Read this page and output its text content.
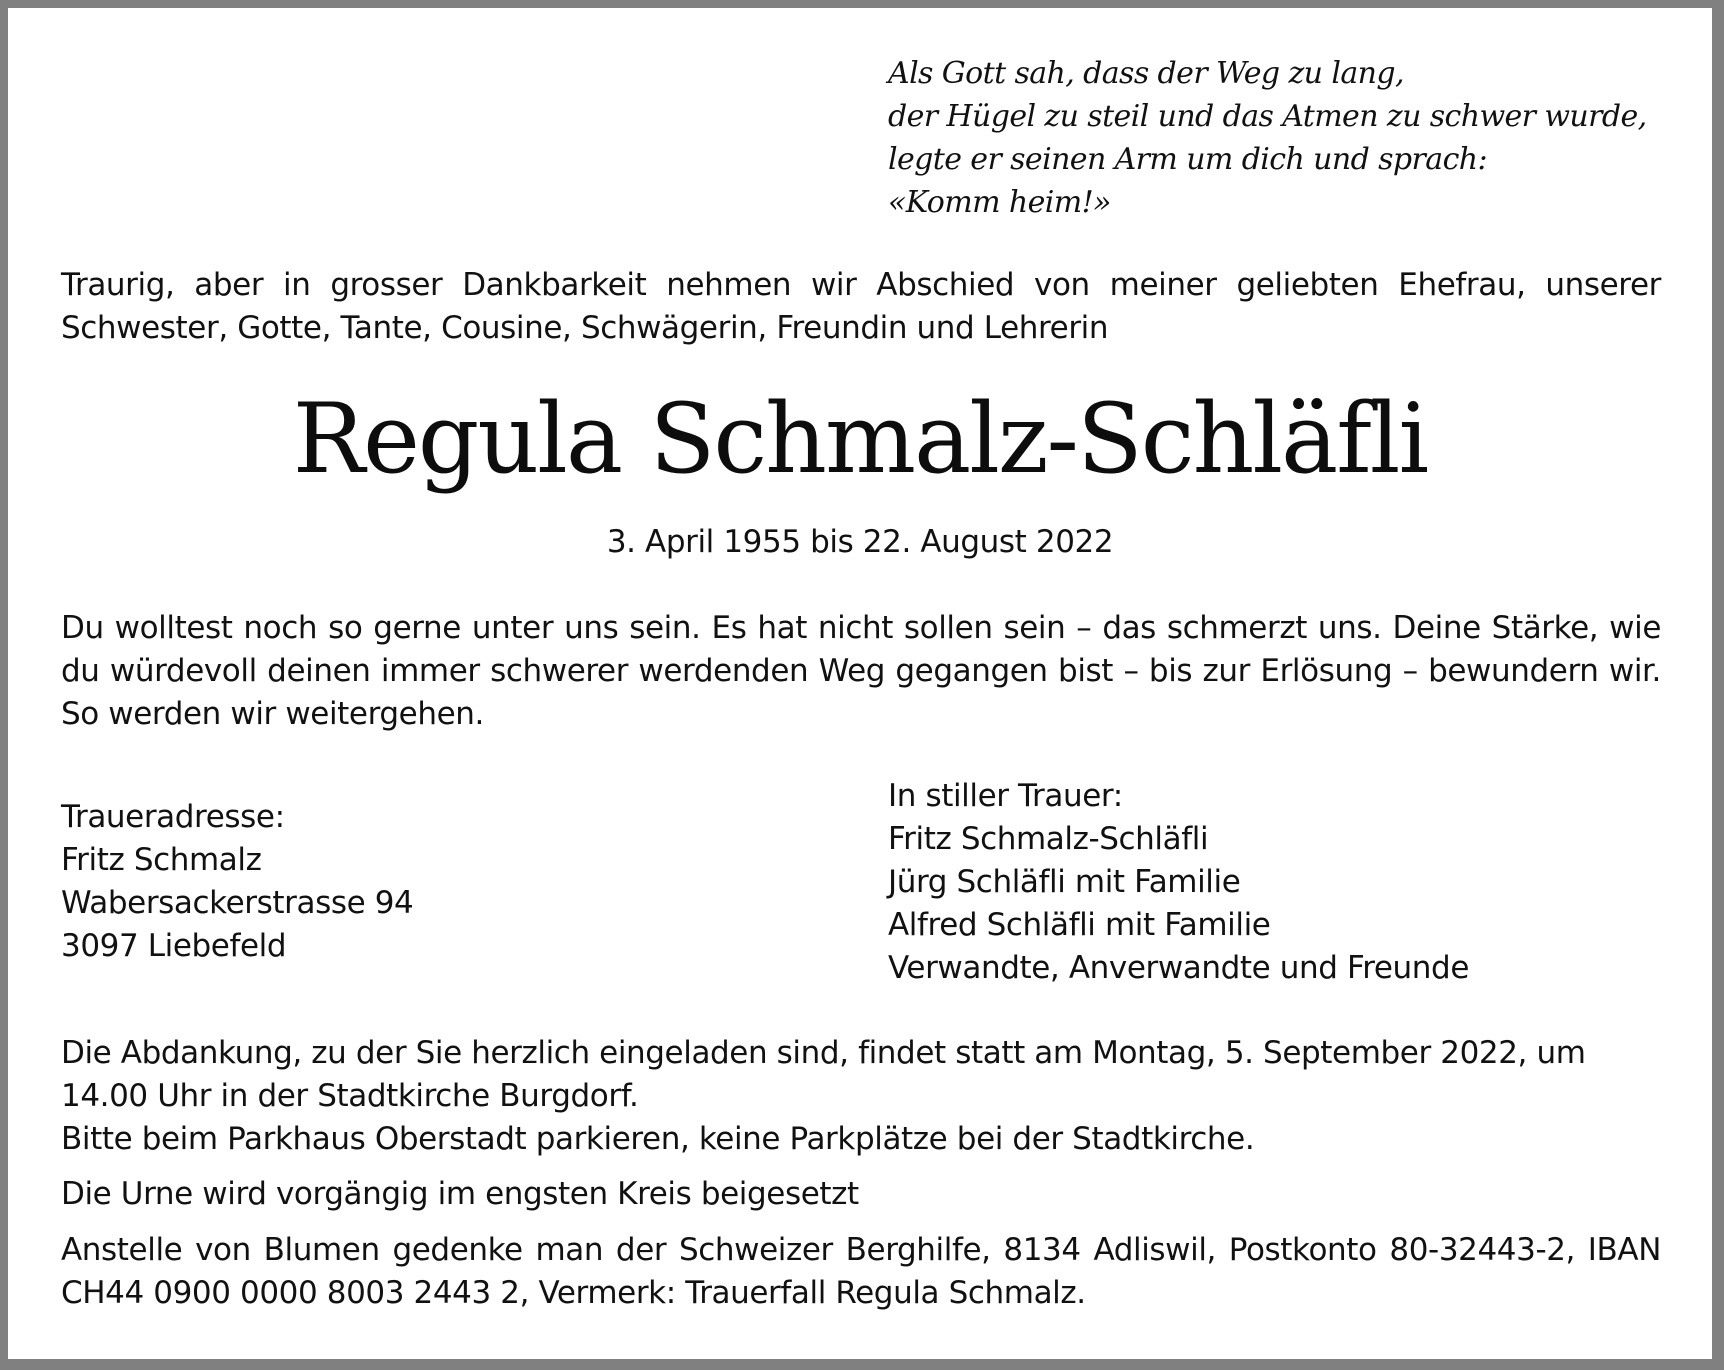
Als Gott sah, dass der Weg zu lang,
der Hügel zu steil und das Atmen zu schwer wurde,
legte er seinen Arm um dich und sprach:
«Komm heim!»
Traurig, aber in grosser Dankbarkeit nehmen wir Abschied von meiner geliebten Ehefrau, unserer Schwester, Gotte, Tante, Cousine, Schwägerin, Freundin und Lehrerin
Regula Schmalz-Schläfli
3. April 1955 bis 22. August 2022
Du wolltest noch so gerne unter uns sein. Es hat nicht sollen sein – das schmerzt uns. Deine Stärke, wie du würdevoll deinen immer schwerer werdenden Weg gegangen bist – bis zur Erlösung – bewundern wir. So werden wir weitergehen.
In stiller Trauer:
Fritz Schmalz-Schläfli
Jürg Schläfli mit Familie
Alfred Schläfli mit Familie
Verwandte, Anverwandte und Freunde
Traueradresse:
Fritz Schmalz
Wabersackerstrasse 94
3097 Liebefeld
Die Abdankung, zu der Sie herzlich eingeladen sind, findet statt am Montag, 5. September 2022, um 14.00 Uhr in der Stadtkirche Burgdorf.
Bitte beim Parkhaus Oberstadt parkieren, keine Parkplätze bei der Stadtkirche.
Die Urne wird vorgängig im engsten Kreis beigesetzt
Anstelle von Blumen gedenke man der Schweizer Berghilfe, 8134 Adliswil, Postkonto 80-32443-2, IBAN CH44 0900 0000 8003 2443 2, Vermerk: Trauerfall Regula Schmalz.
